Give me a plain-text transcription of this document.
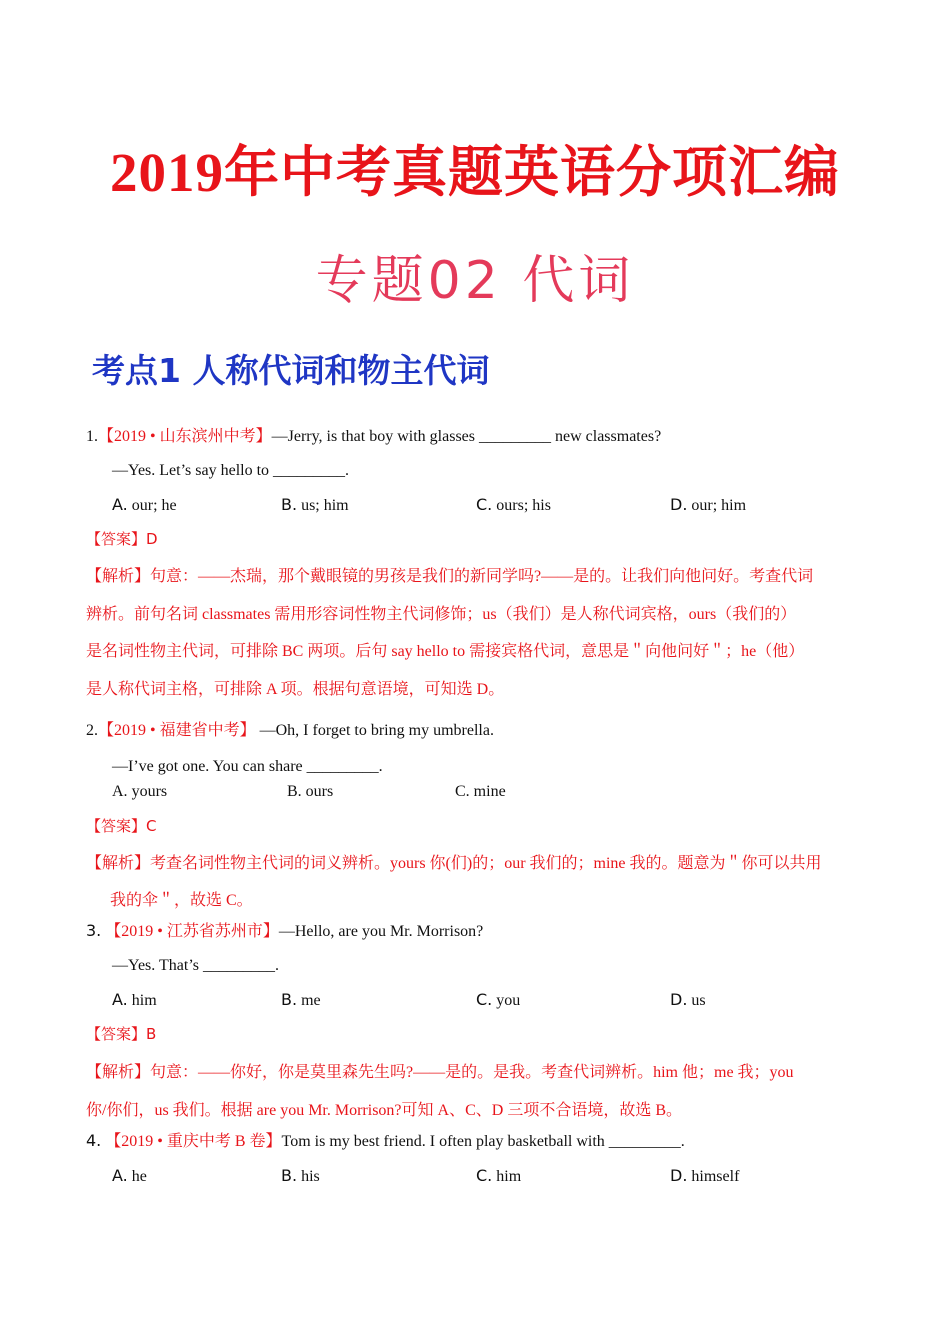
2019年中考真题英语分项汇编
专题02 代词
考点1 人称代词和物主代词
1.【2019 • 山东滨州中考】—Jerry, is that boy with glasses _________ new classmates?
—Yes. Let’s say hello to _________.
A. our; he	B. us; him	C. ours; his	D. our; him
【答案】D
【解析】句意：——杰瑞，那个戴眼镜的男孩是我们的新同学吗?——是的。让我们向他问好。考查代词
辨析。前句名词 classmates 需用形容词性物主代词修饰；us（我们）是人称代词宾格，ours（我们的）
是名词性物主代词，可排除 BC 两项。后句 say hello to 需接宾格代词，意思是＂向他问好＂；he（他）
是人称代词主格，可排除 A 项。根据句意语境，可知选 D。
2.【2019 • 福建省中考】 —Oh, I forget to bring my umbrella.
—I’ve got one. You can share _________.
A. yours	B. ours	C. mine
【答案】C
【解析】考查名词性物主代词的词义辨析。yours 你(们)的；our 我们的；mine 我的。题意为＂你可以共用
我的伞＂，故选 C。
3. 【2019 • 江苏省苏州市】—Hello, are you Mr. Morrison?
—Yes. That’s _________.
A. him	B. me	C. you	D. us
【答案】B
【解析】句意：——你好，你是莫里森先生吗?——是的。是我。考查代词辨析。him 他；me 我；you
你/你们，us 我们。根据 are you Mr. Morrison?可知 A、C、D 三项不合语境，故选 B。
4. 【2019 • 重庆中考 B 卷】Tom is my best friend. I often play basketball with _________.
A. he	B. his	C. him	D. himself
